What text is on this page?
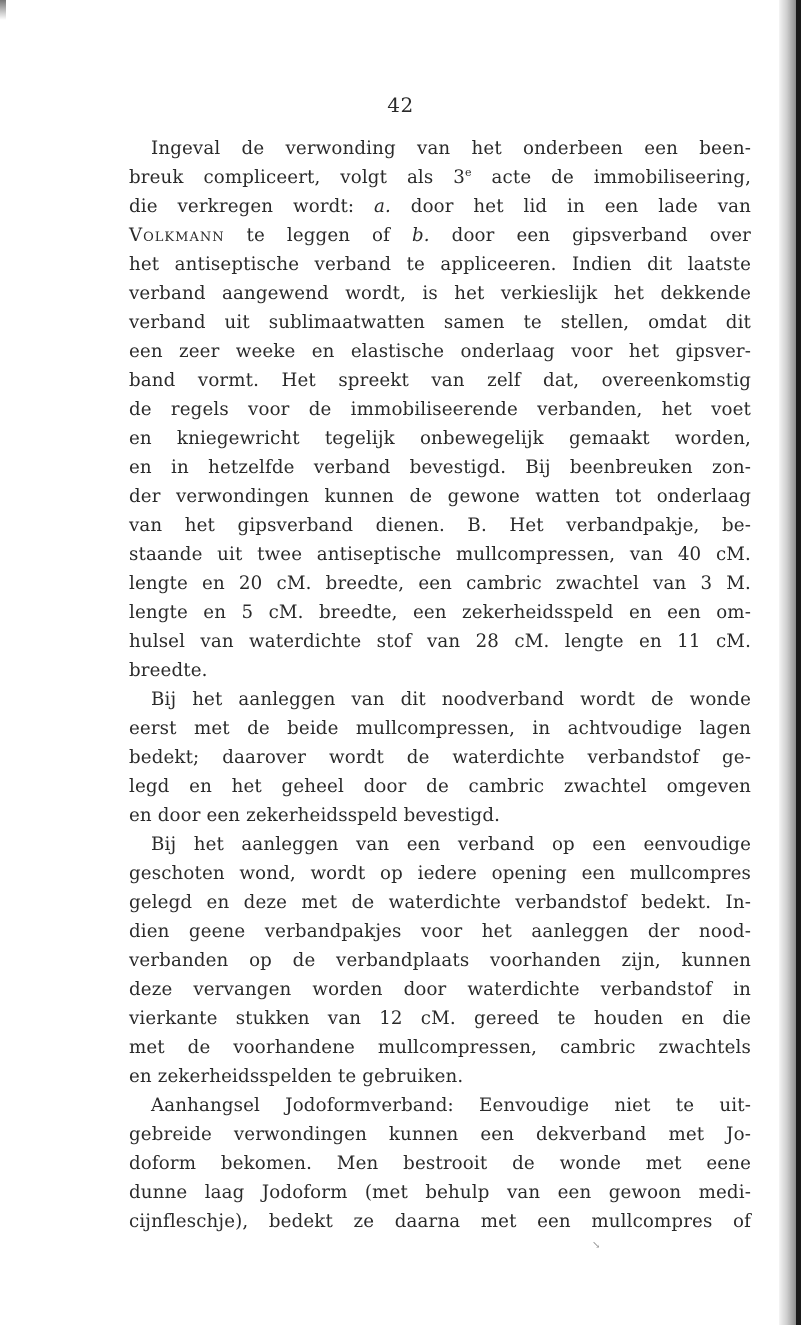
42
Ingeval de verwonding van het onderbeen een been-
breuk compliceert, volgt als 3e acte de immobiliseering,
die verkregen wordt: a. door het lid in een lade van
Volkmann te leggen of b. door een gipsverband over
het antiseptische verband te appliceeren. Indien dit laatste
verband aangewend wordt, is het verkieslijk het dekkende
verband uit sublimaatwatten samen te stellen, omdat dit
een zeer weeke en elastische onderlaag voor het gipsver-
band vormt. Het spreekt van zelf dat, overeenkomstig
de regels voor de immobiliseerende verbanden, het voet
en kniegewricht tegelijk onbewegelijk gemaakt worden,
en in hetzelfde verband bevestigd. Bij beenbreuken zon-
der verwondingen kunnen de gewone watten tot onderlaag
van het gipsverband dienen. B. Het verbandpakje, be-
staande uit twee antiseptische mullcompressen, van 40 cM.
lengte en 20 cM. breedte, een cambric zwachtel van 3 M.
lengte en 5 cM. breedte, een zekerheidsspeld en een om-
hulsel van waterdichte stof van 28 cM. lengte en 11 cM.
breedte.
Bij het aanleggen van dit noodverband wordt de wonde
eerst met de beide mullcompressen, in achtvoudige lagen
bedekt; daarover wordt de waterdichte verbandstof ge-
legd en het geheel door de cambric zwachtel omgeven
en door een zekerheidsspeld bevestigd.
Bij het aanleggen van een verband op een eenvoudige
geschoten wond, wordt op iedere opening een mullcompres
gelegd en deze met de waterdichte verbandstof bedekt. In-
dien geene verbandpakjes voor het aanleggen der nood-
verbanden op de verbandplaats voorhanden zijn, kunnen
deze vervangen worden door waterdichte verbandstof in
vierkante stukken van 12 cM. gereed te houden en die
met de voorhandene mullcompressen, cambric zwachtels
en zekerheidsspelden te gebruiken.
Aanhangsel Jodoformverband: Eenvoudige niet te uit-
gebreide verwondingen kunnen een dekverband met Jo-
doform bekomen. Men bestrooit de wonde met eene
dunne laag Jodoform (met behulp van een gewoon medi-
cijnfleschje), bedekt ze daarna met een mullcompres of
↘
